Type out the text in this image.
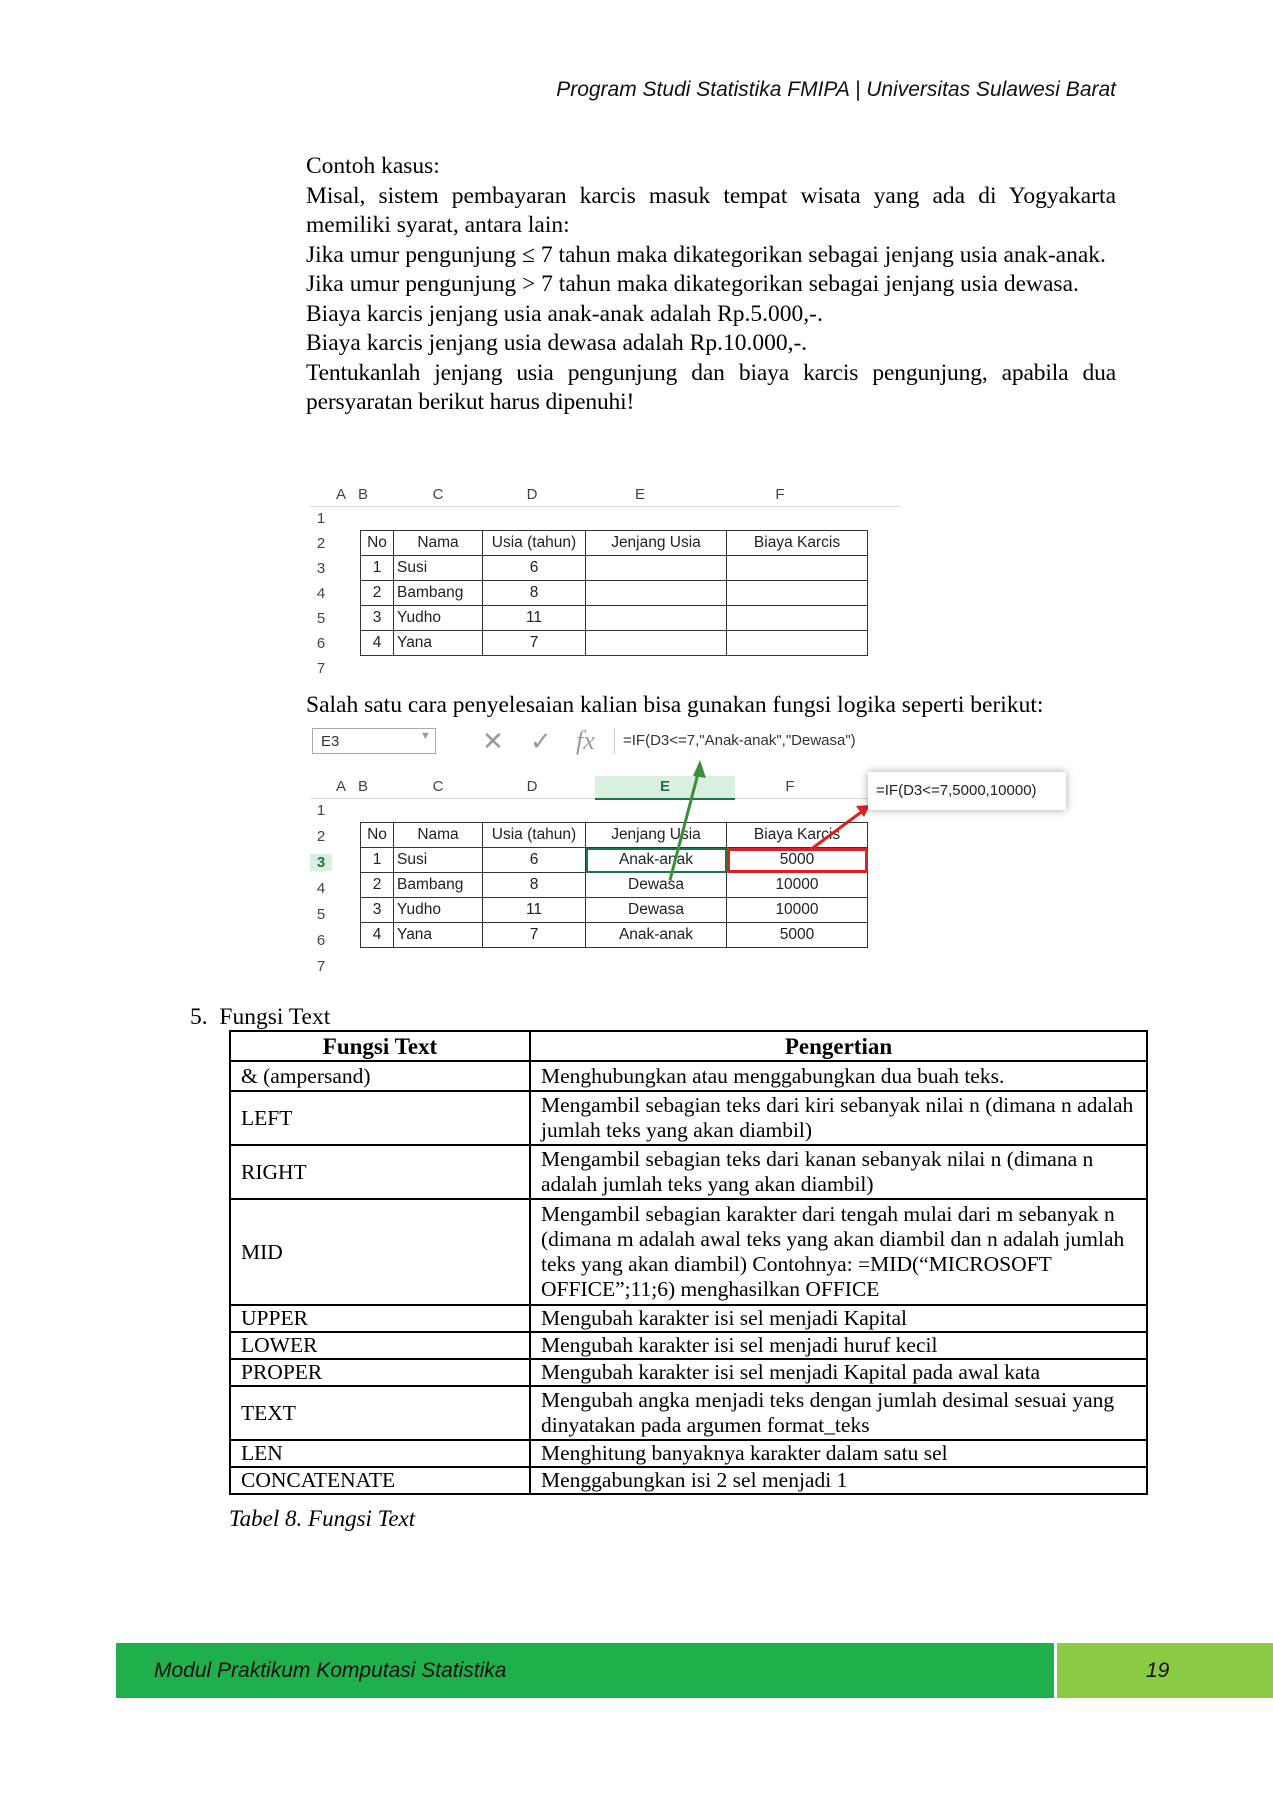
Program Studi Statistika FMIPA | Universitas Sulawesi Barat

Contoh kasus:

Misal, sistem pembayaran karcis masuk tempat wisata yang ada di Yogyakarta memiliki syarat, antara lain:

Jika umur pengunjung ≤ 7 tahun maka dikategorikan sebagai jenjang usia anak-anak.

Jika umur pengunjung > 7 tahun maka dikategorikan sebagai jenjang usia dewasa.

Biaya karcis jenjang usia anak-anak adalah Rp.5.000,-.

Biaya karcis jenjang usia dewasa adalah Rp.10.000,-.

Tentukanlah jenjang usia pengunjung dan biaya karcis pengunjung, apabila dua persyaratan berikut harus dipenuhi!

A B	C	D	E	F
1
2
3
4
5
6
7
No	Nama	Usia (tahun)	Jenjang Usia	Biaya Karcis
1	Susi	6		
2	Bambang	8		
3	Yudho	11		
4	Yana	7		
Salah satu cara penyelesaian kalian bisa gunakan fungsi logika seperti berikut:
E3	▼ ✕ ✓ fx	=IF(D3<=7,"Anak-anak","Dewasa")
A B	C	D	E	F
1
2
3
4
5
6
7
No	Nama	Usia (tahun)	Jenjang Usia	Biaya Karcis
1	Susi	6	Anak-anak	5000
2	Bambang	8	Dewasa	10000
3	Yudho	11	Dewasa	10000
4	Yana	7	Anak-anak	5000
=IF(D3<=7,5000,10000)
5. Fungsi Text
Fungsi Text	Pengertian
& (ampersand)	Menghubungkan atau menggabungkan dua buah teks.
LEFT	Mengambil sebagian teks dari kiri sebanyak nilai n (dimana n adalah jumlah teks yang akan diambil)
RIGHT	Mengambil sebagian teks dari kanan sebanyak nilai n (dimana n adalah jumlah teks yang akan diambil)
MID	Mengambil sebagian karakter dari tengah mulai dari m sebanyak n (dimana m adalah awal teks yang akan diambil dan n adalah jumlah teks yang akan diambil) Contohnya: =MID(“MICROSOFT OFFICE”;11;6) menghasilkan OFFICE
UPPER	Mengubah karakter isi sel menjadi Kapital
LOWER	Mengubah karakter isi sel menjadi huruf kecil
PROPER	Mengubah karakter isi sel menjadi Kapital pada awal kata
TEXT	Mengubah angka menjadi teks dengan jumlah desimal sesuai yang dinyatakan pada argumen format_teks
LEN	Menghitung banyaknya karakter dalam satu sel
CONCATENATE	Menggabungkan isi 2 sel menjadi 1
Tabel 8. Fungsi Text
Modul Praktikum Komputasi Statistika	19
